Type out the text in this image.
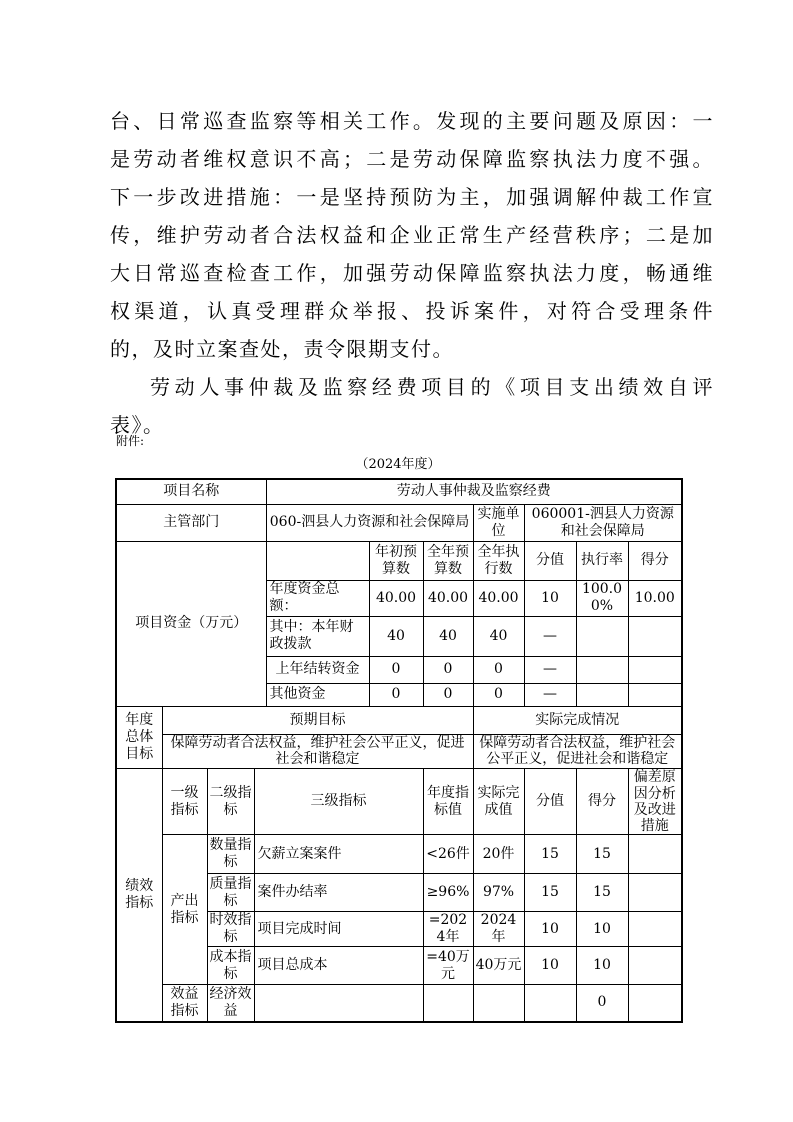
台、日常巡查监察等相关工作。发现的主要问题及原因：一
是劳动者维权意识不高；二是劳动保障监察执法力度不强。
下一步改进措施：一是坚持预防为主，加强调解仲裁工作宣
传，维护劳动者合法权益和企业正常生产经营秩序；二是加
大日常巡查检查工作，加强劳动保障监察执法力度，畅通维
权渠道，认真受理群众举报、投诉案件，对符合受理条件
的，及时立案查处，责令限期支付。
劳动人事仲裁及监察经费项目的《项目支出绩效自评
表》。
附件:
（2024年度）
项目名称				劳动人事仲裁及监察经费						
主管部门				060-泗县人力资源和社会保障局			实施单位	060001-泗县人力资源和社会保障局		
项目资金（万元）					年初预算数	全年预算数	全年执行数	分值	执行率	得分
				年度资金总额：	40.00	40.00	40.00	10	100.00%	10.00
				其中：本年财政拨款	40	40	40	—		
				上年结转资金	0	0	0	—		
				其他资金	0	0	0	—		
年度总体目标	预期目标						实际完成情况			
	保障劳动者合法权益，维护社会公平正义，促进社会和谐稳定						保障劳动者合法权益，维护社会公平正义，促进社会和谐稳定			
绩效指标	一级指标	二级指标	三级指标			年度指标值	实际完成值	分值	得分	偏差原因分析及改进措施
	产出指标	数量指标	欠薪立案案件			<26件	20件	15	15	
		质量指标	案件办结率			≥96%	97%	15	15	
		时效指标	项目完成时间			=2024年	2024年	10	10	
		成本指标	项目总成本			=40万元	40万元	10	10	
	效益指标	经济效益							0	
